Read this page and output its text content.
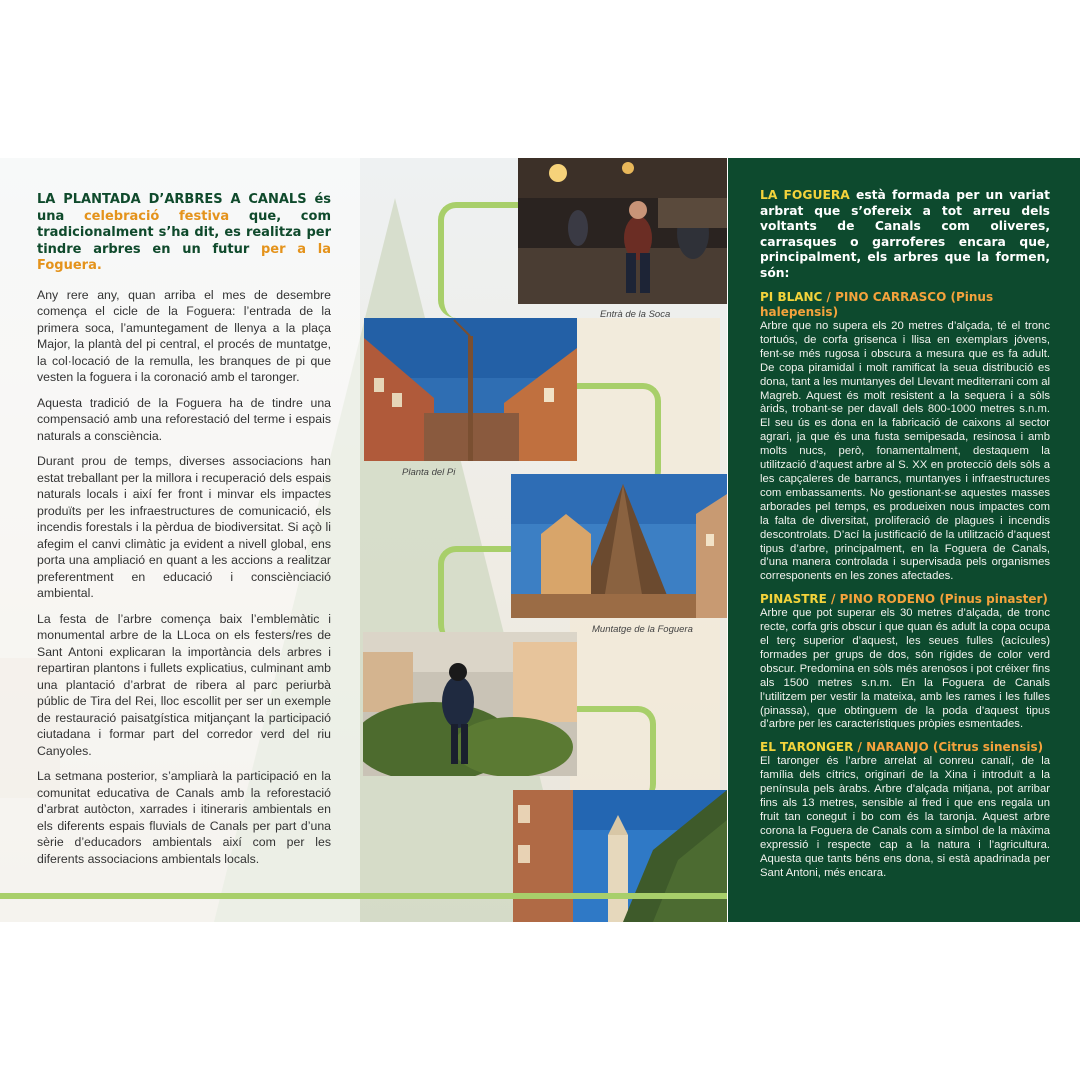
Entrà de la Soca
Planta del Pi
Muntatge de la Foguera

LA PLANTADA D’ARBRES A CANALS és una celebració festiva que, com tradicionalment s’ha dit, es realitza per tindre arbres en un futur per a la Foguera.

Any rere any, quan arriba el mes de desembre comença el cicle de la Foguera: l’entrada de la primera soca, l’amuntegament de llenya a la plaça Major, la plantà del pi central, el procés de muntatge, la col·locació de la remulla, les branques de pi que vesten la foguera i la coronació amb el taronger.

Aquesta tradició de la Foguera ha de tindre una compensació amb una reforestació del terme i espais naturals a consciència.

Durant prou de temps, diverses associacions han estat treballant per la millora i recuperació dels espais naturals locals i així fer front i minvar els impactes produïts per les infraestructures de comunicació, els incendis forestals i la pèrdua de biodiversitat. Si açò li afegim el canvi climàtic ja evident a nivell global, ens porta una ampliació en quant a les accions a realitzar preferentment en educació i consciènciació ambiental.

La festa de l’arbre comença baix l’emblemàtic i monumental arbre de la LLoca on els festers/res de Sant Antoni explicaran la importància dels arbres i repartiran plantons i fullets explicatius, culminant amb una plantació d’arbrat de ribera al parc periurbà públic de Tira del Rei, lloc escollit per ser un exemple de restauració paisatgística mitjançant la participació ciutadana i formar part del corredor verd del riu Canyoles.

La setmana posterior, s’ampliarà la participació en la comunitat educativa de Canals amb la reforestació d’arbrat autòcton, xarrades i itineraris ambientals en els diferents espais fluvials de Canals per part d’una sèrie d’educadors ambientals així com per les diferents associacions ambientals locals.

LA FOGUERA està formada per un variat arbrat que s’ofereix a tot arreu dels voltants de Canals com oliveres, carrasques o garroferes encara que, principalment, els arbres que la formen, són:

PI BLANC / PINO CARRASCO (Pinus halepensis)

Arbre que no supera els 20 metres d’alçada, té el tronc tortuós, de corfa grisenca i llisa en exemplars jóvens, fent-se més rugosa i obscura a mesura que es fa adult. De copa piramidal i molt ramificat la seua distribució es dona, tant a les muntanyes del Llevant mediterrani com al Magreb. Aquest és molt resistent a la sequera i a sòls àrids, trobant-se per davall dels 800-1000 metres s.n.m. El seu ús es dona en la fabricació de caixons al sector agrari, ja que és una fusta semipesada, resinosa i amb molts nucs, però, fonamentalment, destaquem la utilització d’aquest arbre al S. XX en protecció dels sòls a les capçaleres de barrancs, muntanyes i infraestructures com embassaments. No gestionant-se aquestes masses arborades pel temps, es produeixen nous impactes com la falta de diversitat, proliferació de plagues i incendis descontrolats. D’ací la justificació de la utilització d’aquest tipus d’arbre, principalment, en la Foguera de Canals, d’una manera controlada i supervisada pels organismes corresponents en les zones afectades.

PINASTRE / PINO RODENO (Pinus pinaster)

Arbre que pot superar els 30 metres d’alçada, de tronc recte, corfa gris obscur i que quan és adult la copa ocupa el terç superior d’aquest, les seues fulles (acícules) formades per grups de dos, són rígides de color verd obscur. Predomina en sòls més arenosos i pot créixer fins als 1500 metres s.n.m. En la Foguera de Canals l’utilitzem per vestir la mateixa, amb les rames i les fulles (pinassa), que obtinguem de la poda d’aquest tipus d’arbre per les característiques pròpies esmentades.

EL TARONGER / NARANJO (Citrus sinensis)

El taronger és l’arbre arrelat al conreu canalí, de la família dels cítrics, originari de la Xina i introduït a la península pels àrabs. Arbre d’alçada mitjana, pot arribar fins als 13 metres, sensible al fred i que ens regala un fruit tan conegut i bo com és la taronja. Aquest arbre corona la Foguera de Canals com a símbol de la màxima expressió i respecte cap a la natura i l’agricultura. Aquesta que tants béns ens dona, si està apadrinada per Sant Antoni, més encara.
